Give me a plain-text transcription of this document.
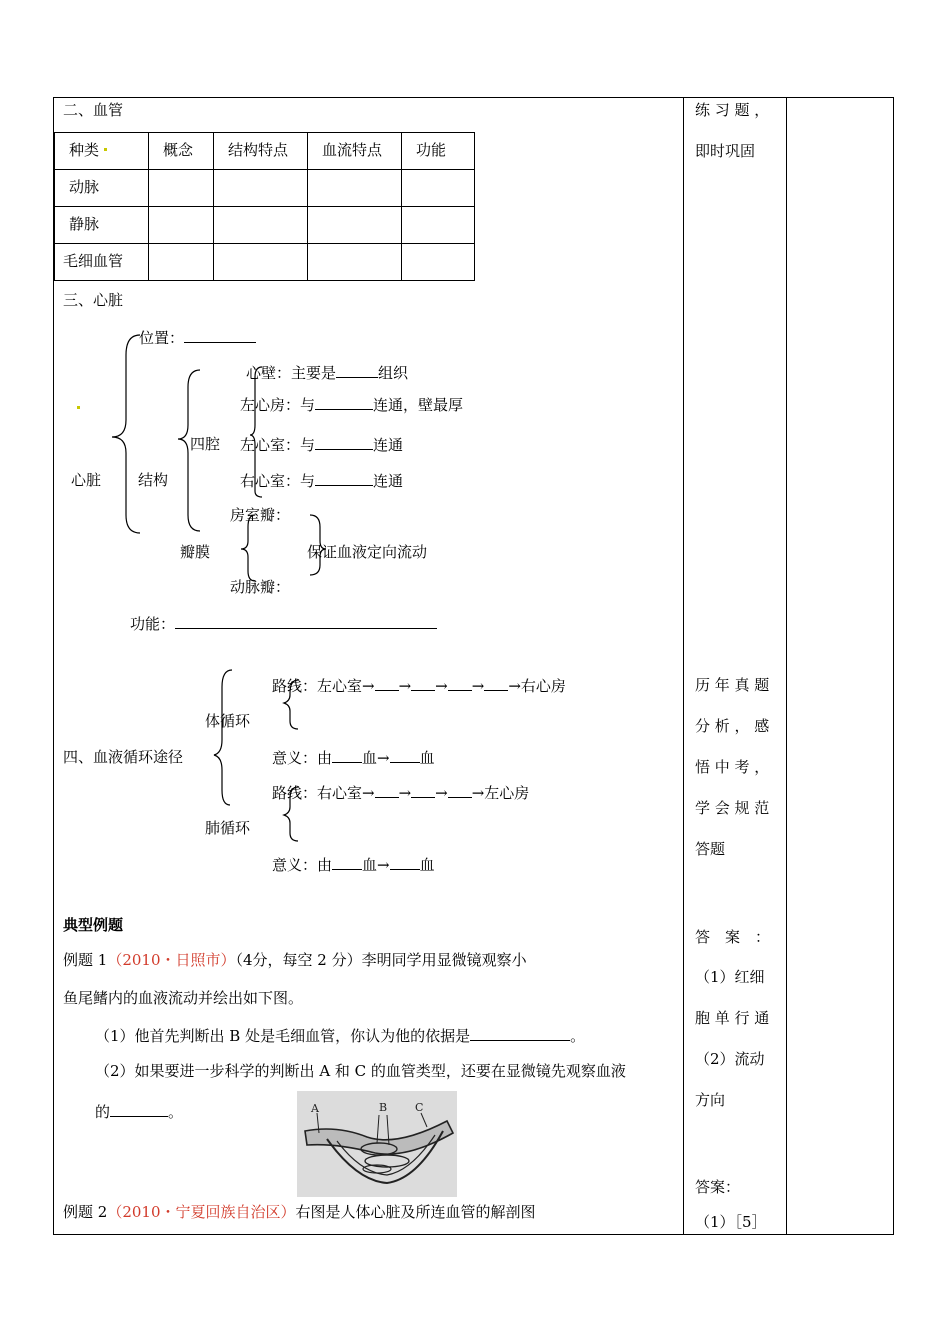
二、血管
种类	概念	结构特点	血流特点	功能
动脉				
静脉				
毛细血管				
三、心脏
位置：
心壁：主要是	组织
左心房：与	连通，壁最厚
四腔 左心室：与	连通
心脏 结构	右心室：与	连通
房室瓣：
瓣膜	保证血液定向流动
动脉瓣：
功能：
路线：左心室→ → → → →右心房
体循环
四、血液循环途径	意义：由 血→ 血
路线：右心室→ → → →左心房
肺循环
意义：由 血→ 血
典型例题
例题 1（2010・日照市）（4分，每空 2 分）李明同学用显微镜观察小
鱼尾鳍内的血液流动并绘出如下图。
（1）他首先判断出 B 处是毛细血管，你认为他的依据是	。
（2）如果要进一步科学的判断出 A 和 C 的血管类型，还要在显微镜先观察血液
的	。	A	B	C
例题 2（2010・宁夏回族自治区）右图是人体心脏及所连血管的解剖图
练 习 题 ，
即时巩固
历 年 真 题
分 析 ， 感
悟 中 考 ，
学 会 规 范
答题
答　案　：
（1）红细
胞 单 行 通
（2）流动
方向
答案：
（1）［5］
